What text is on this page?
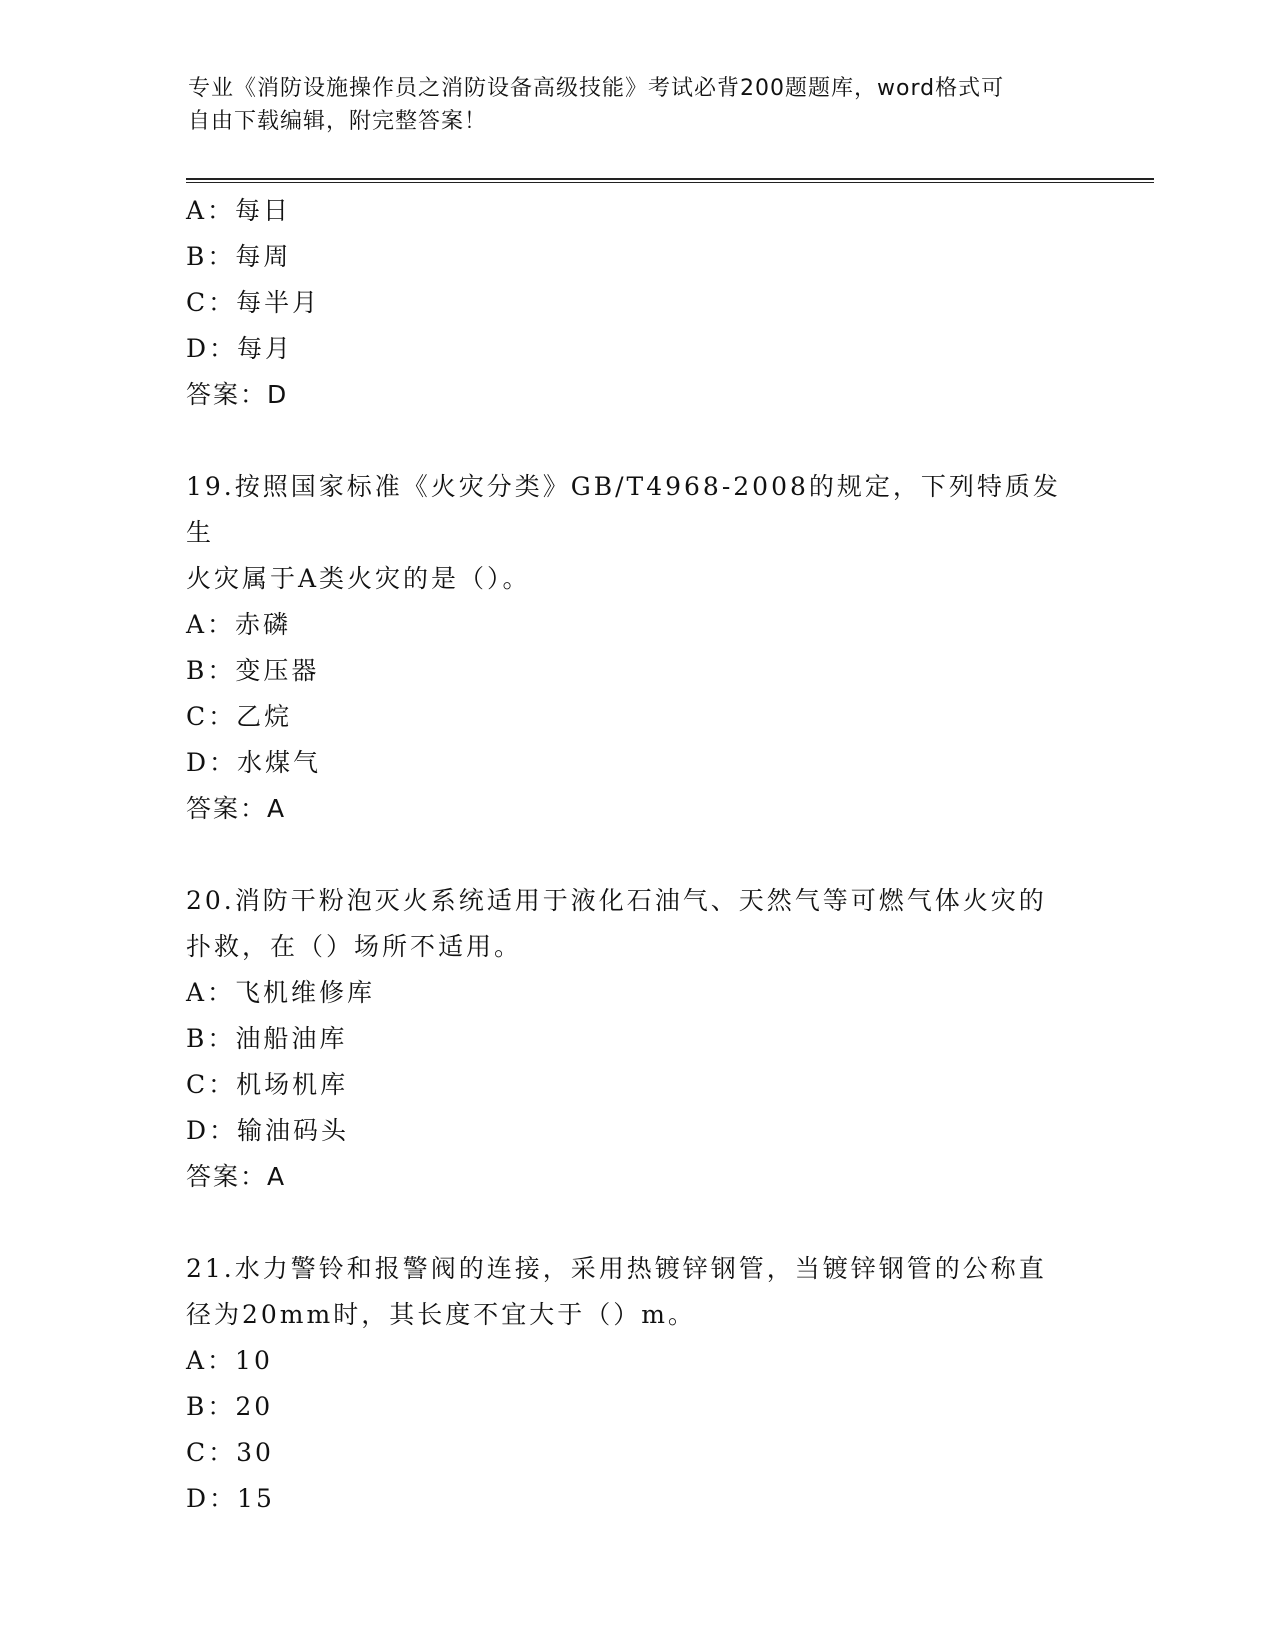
专业《消防设施操作员之消防设备高级技能》考试必背200题题库，word格式可
自由下载编辑，附完整答案！
A：每日
B：每周
C：每半月
D：每月
答案：D
19.按照国家标准《火灾分类》GB/T4968-2008的规定，下列特质发生
火灾属于A类火灾的是（）。
A：赤磷
B：变压器
C：乙烷
D：水煤气
答案：A
20.消防干粉泡灭火系统适用于液化石油气、天然气等可燃气体火灾的
扑救，在（）场所不适用。
A：飞机维修库
B：油船油库
C：机场机库
D：输油码头
答案：A
21.水力警铃和报警阀的连接，采用热镀锌钢管，当镀锌钢管的公称直
径为20mm时，其长度不宜大于（）m。
A：10
B：20
C：30
D：15
